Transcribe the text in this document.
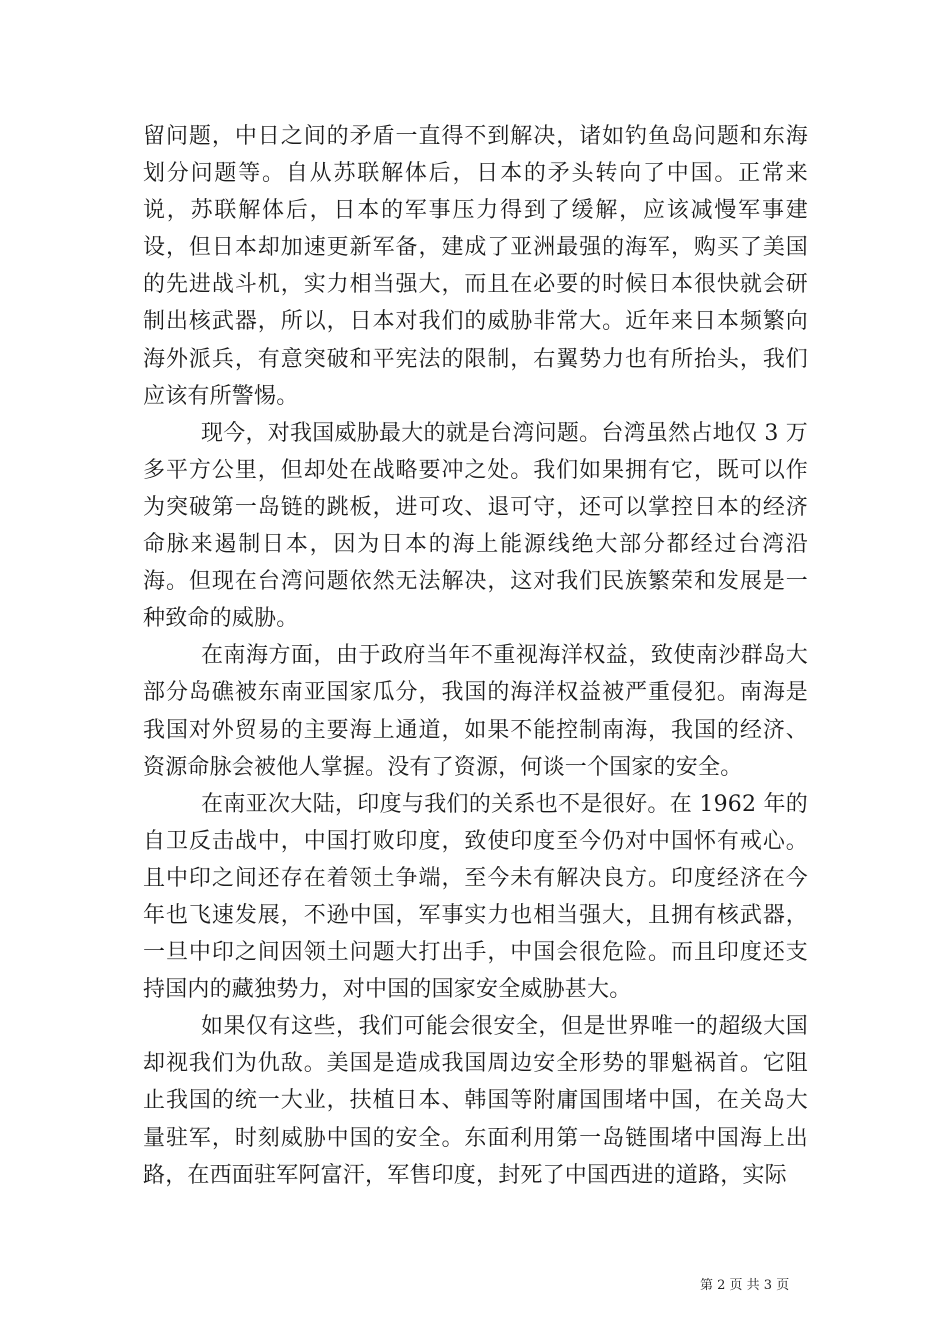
留问题，中日之间的矛盾一直得不到解决，诸如钓鱼岛问题和东海划分问题等。自从苏联解体后，日本的矛头转向了中国。正常来说，苏联解体后，日本的军事压力得到了缓解，应该减慢军事建设，但日本却加速更新军备，建成了亚洲最强的海军，购买了美国的先进战斗机，实力相当强大，而且在必要的时候日本很快就会研制出核武器，所以，日本对我们的威胁非常大。近年来日本频繁向海外派兵，有意突破和平宪法的限制，右翼势力也有所抬头，我们应该有所警惕。

现今，对我国威胁最大的就是台湾问题。台湾虽然占地仅 3 万多平方公里，但却处在战略要冲之处。我们如果拥有它，既可以作为突破第一岛链的跳板，进可攻、退可守，还可以掌控日本的经济命脉来遏制日本，因为日本的海上能源线绝大部分都经过台湾沿海。但现在台湾问题依然无法解决，这对我们民族繁荣和发展是一种致命的威胁。

在南海方面，由于政府当年不重视海洋权益，致使南沙群岛大部分岛礁被东南亚国家瓜分，我国的海洋权益被严重侵犯。南海是我国对外贸易的主要海上通道，如果不能控制南海，我国的经济、资源命脉会被他人掌握。没有了资源，何谈一个国家的安全。

在南亚次大陆，印度与我们的关系也不是很好。在 1962 年的自卫反击战中，中国打败印度，致使印度至今仍对中国怀有戒心。且中印之间还存在着领土争端，至今未有解决良方。印度经济在今年也飞速发展，不逊中国，军事实力也相当强大，且拥有核武器，一旦中印之间因领土问题大打出手，中国会很危险。而且印度还支持国内的藏独势力，对中国的国家安全威胁甚大。

如果仅有这些，我们可能会很安全，但是世界唯一的超级大国却视我们为仇敌。美国是造成我国周边安全形势的罪魁祸首。它阻止我国的统一大业，扶植日本、韩国等附庸国围堵中国，在关岛大量驻军，时刻威胁中国的安全。东面利用第一岛链围堵中国海上出路，在西面驻军阿富汗，军售印度，封死了中国西进的道路，实际

第 2 页 共 3 页
